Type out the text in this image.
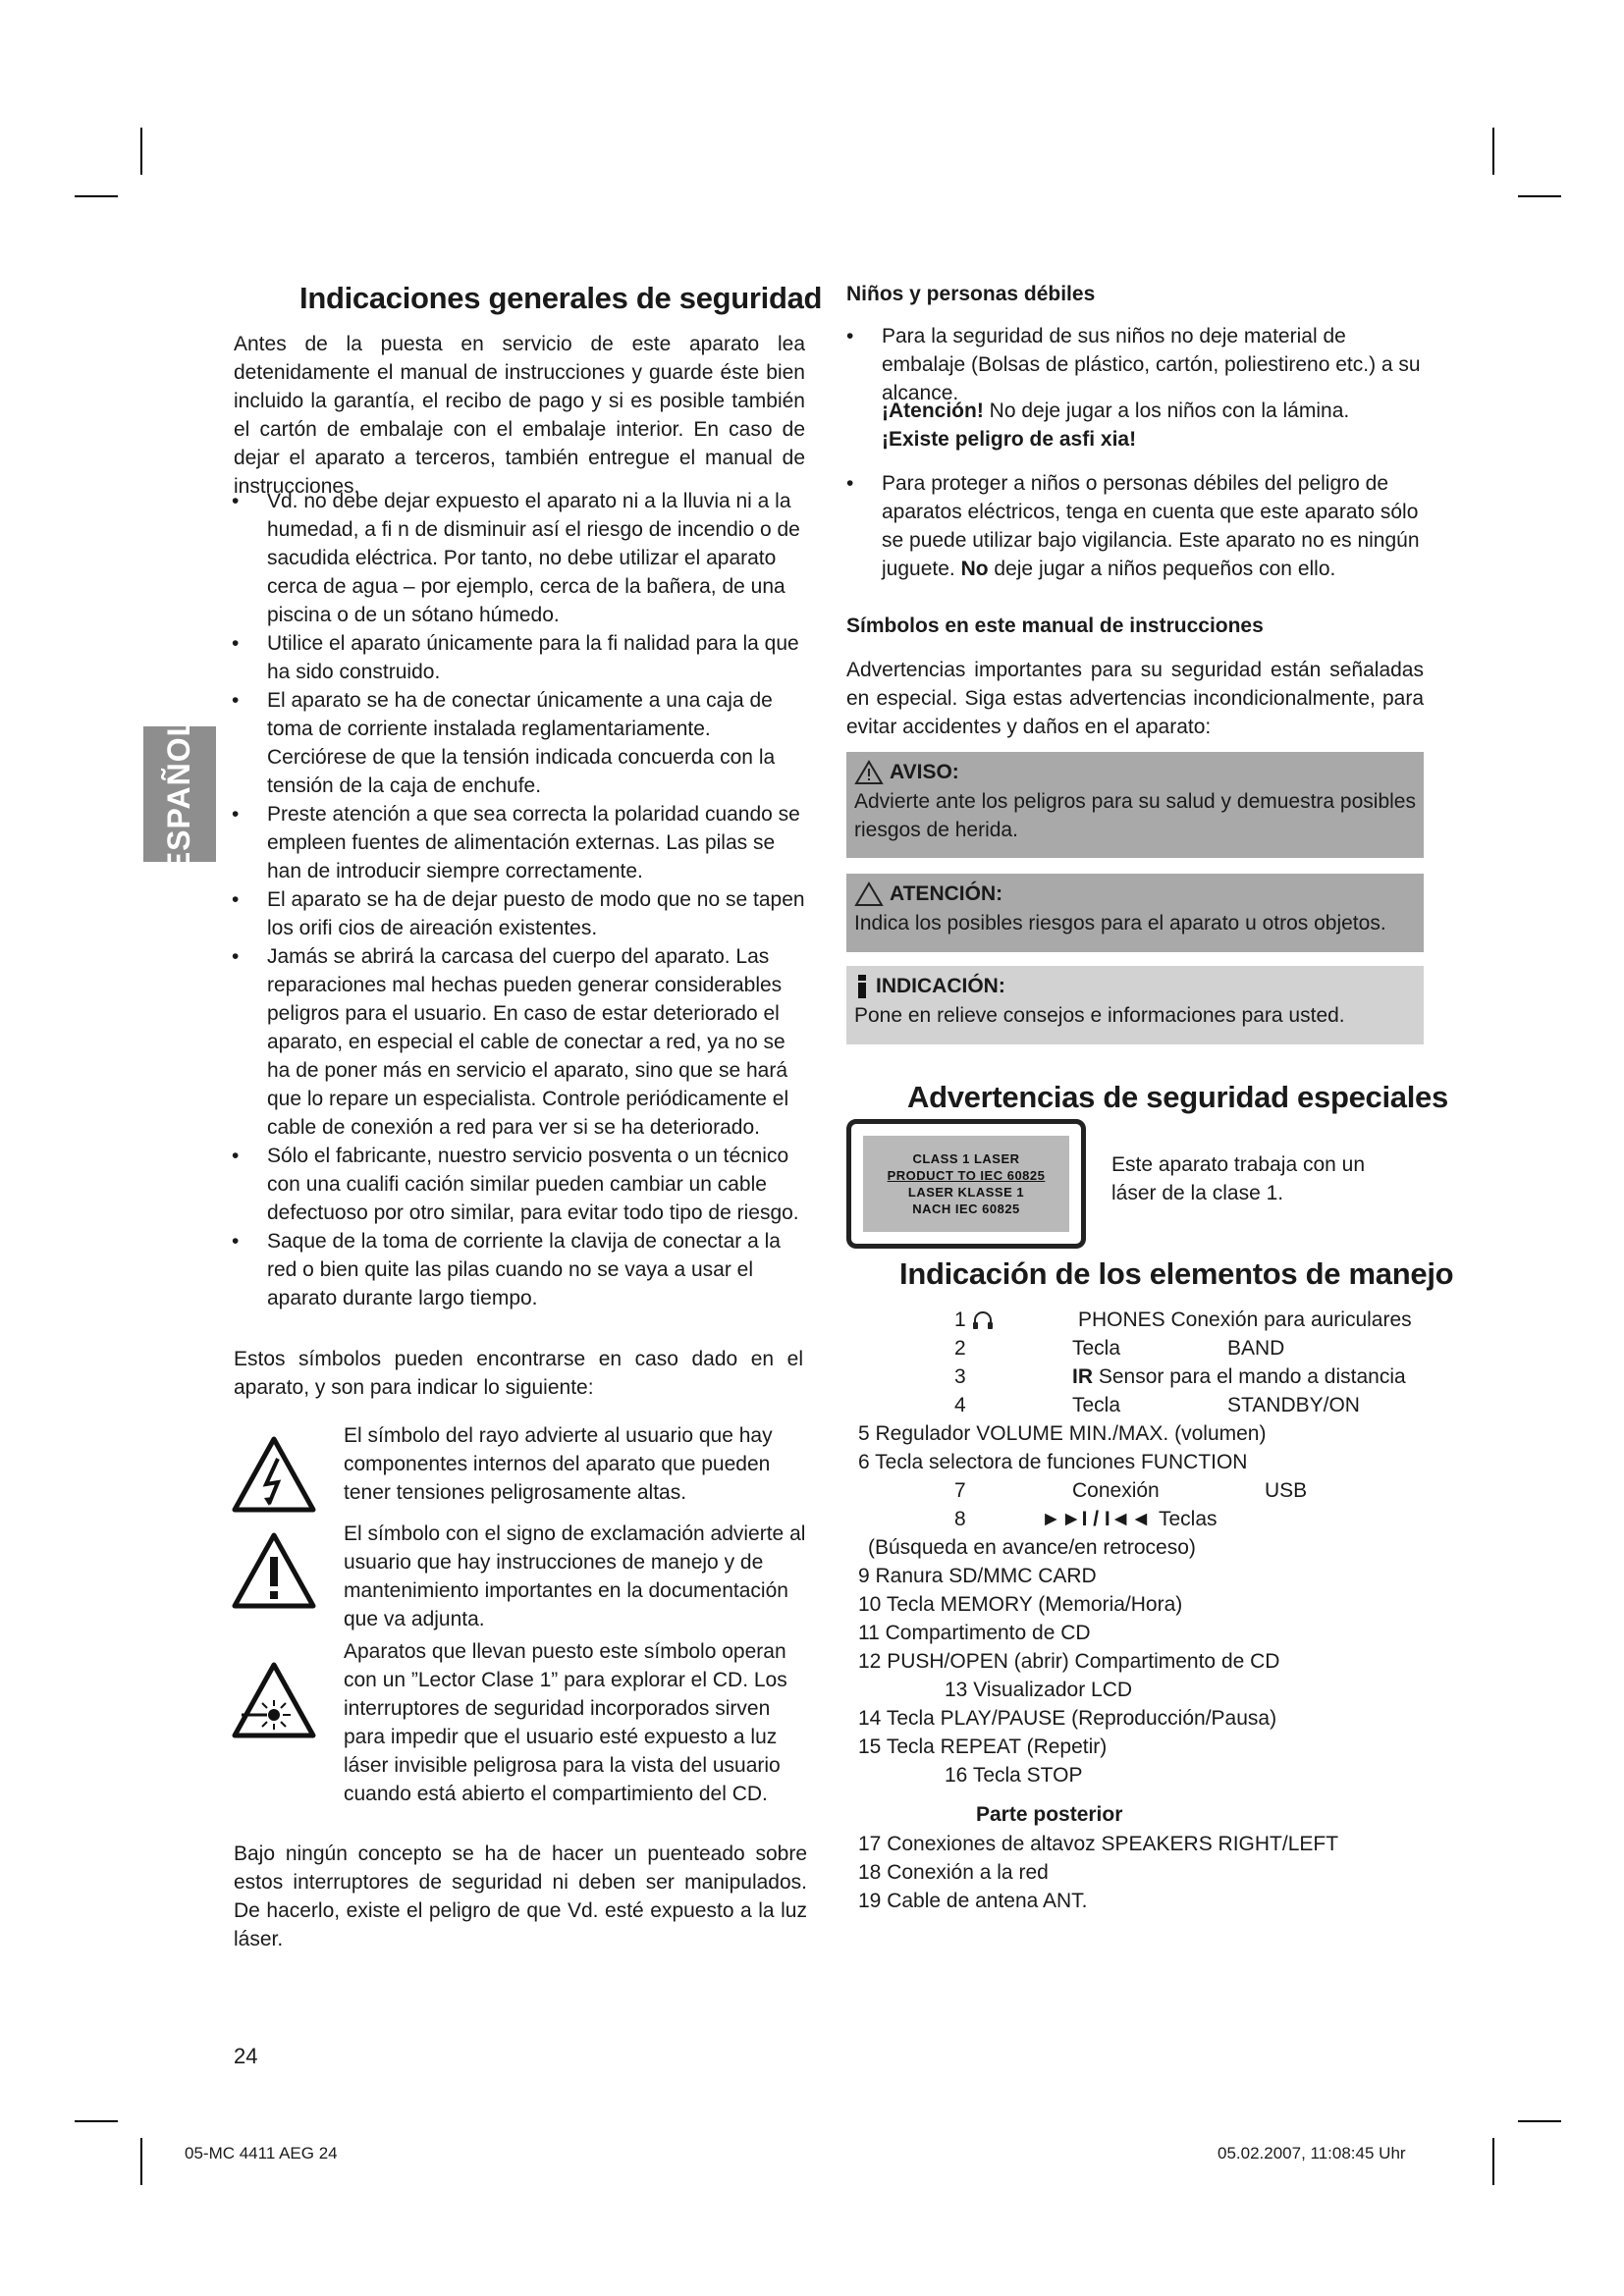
ESPAÑOL
Indicaciones generales de seguridad
Antes de la puesta en servicio de este aparato lea detenidamente el manual de instrucciones y guarde éste bien incluido la garantía, el recibo de pago y si es posible también el cartón de embalaje con el embalaje interior. En caso de dejar el aparato a terceros, también entregue el manual de instrucciones.
• Vd. no debe dejar expuesto el aparato ni a la lluvia ni a la humedad, a fi n de disminuir así el riesgo de incendio o de sacudida eléctrica. Por tanto, no debe utilizar el aparato cerca de agua – por ejemplo, cerca de la bañera, de una piscina o de un sótano húmedo.
• Utilice el aparato únicamente para la fi nalidad para la que ha sido construido.
• El aparato se ha de conectar únicamente a una caja de toma de corriente instalada reglamentariamente. Cerciórese de que la tensión indicada concuerda con la tensión de la caja de enchufe.
• Preste atención a que sea correcta la polaridad cuando se empleen fuentes de alimentación externas. Las pilas se han de introducir siempre correctamente.
• El aparato se ha de dejar puesto de modo que no se tapen los orifi cios de aireación existentes.
• Jamás se abrirá la carcasa del cuerpo del aparato. Las reparaciones mal hechas pueden generar considerables peligros para el usuario. En caso de estar deteriorado el aparato, en especial el cable de conectar a red, ya no se ha de poner más en servicio el aparato, sino que se hará que lo repare un especialista. Controle periódicamente el cable de conexión a red para ver si se ha deteriorado.
• Sólo el fabricante, nuestro servicio posventa o un técnico con una cualifi cación similar pueden cambiar un cable defectuoso por otro similar, para evitar todo tipo de riesgo.
• Saque de la toma de corriente la clavija de conectar a la red o bien quite las pilas cuando no se vaya a usar el aparato durante largo tiempo.
Estos símbolos pueden encontrarse en caso dado en el aparato, y son para indicar lo siguiente:
El símbolo del rayo advierte al usuario que hay componentes internos del aparato que pueden tener tensiones peligrosamente altas.
El símbolo con el signo de exclamación advierte al usuario que hay instrucciones de manejo y de mantenimiento importantes en la documentación que va adjunta.
Aparatos que llevan puesto este símbolo operan con un ”Lector Clase 1” para explorar el CD. Los interruptores de seguridad incorporados sirven para impedir que el usuario esté expuesto a luz láser invisible peligrosa para la vista del usuario cuando está abierto el compartimiento del CD.
Bajo ningún concepto se ha de hacer un puenteado sobre estos interruptores de seguridad ni deben ser manipulados. De hacerlo, existe el peligro de que Vd. esté expuesto a la luz láser.
Niños y personas débiles
• Para la seguridad de sus niños no deje material de embalaje (Bolsas de plástico, cartón, poliestireno etc.) a su alcance.
¡Atención! No deje jugar a los niños con la lámina. ¡Existe peligro de asfi xia!
• Para proteger a niños o personas débiles del peligro de aparatos eléctricos, tenga en cuenta que este aparato sólo se puede utilizar bajo vigilancia. Este aparato no es ningún juguete. No deje jugar a niños pequeños con ello.
Símbolos en este manual de instrucciones
Advertencias importantes para su seguridad están señaladas en especial. Siga estas advertencias incondicionalmente, para evitar accidentes y daños en el aparato:
AVISO:
Advierte ante los peligros para su salud y demuestra posibles riesgos de herida.
ATENCIÓN:
Indica los posibles riesgos para el aparato u otros objetos.
INDICACIÓN:
Pone en relieve consejos e informaciones para usted.
Advertencias de seguridad especiales
CLASS 1 LASER
PRODUCT TO IEC 60825
LASER KLASSE 1
NACH IEC 60825
Este aparato trabaja con un láser de la clase 1.
Indicación de los elementos de manejo
1	PHONES Conexión para auriculares
2	Tecla	BAND
3	IR Sensor para el mando a distancia
4	Tecla	STANDBY/ON
5 Regulador VOLUME MIN./MAX. (volumen)
6 Tecla selectora de funciones FUNCTION
7	Conexión	USB
8	►►I / I◄◄ Teclas
(Búsqueda en avance/en retroceso)
9 Ranura SD/MMC CARD
10 Tecla MEMORY (Memoria/Hora)
11 Compartimento de CD
12 PUSH/OPEN (abrir) Compartimento de CD
13 Visualizador LCD
14 Tecla PLAY/PAUSE (Reproducción/Pausa)
15 Tecla REPEAT (Repetir)
16 Tecla STOP
Parte posterior
17 Conexiones de altavoz SPEAKERS RIGHT/LEFT
18 Conexión a la red
19 Cable de antena ANT.
24
05-MC 4411 AEG 24	05.02.2007, 11:08:45 Uhr
